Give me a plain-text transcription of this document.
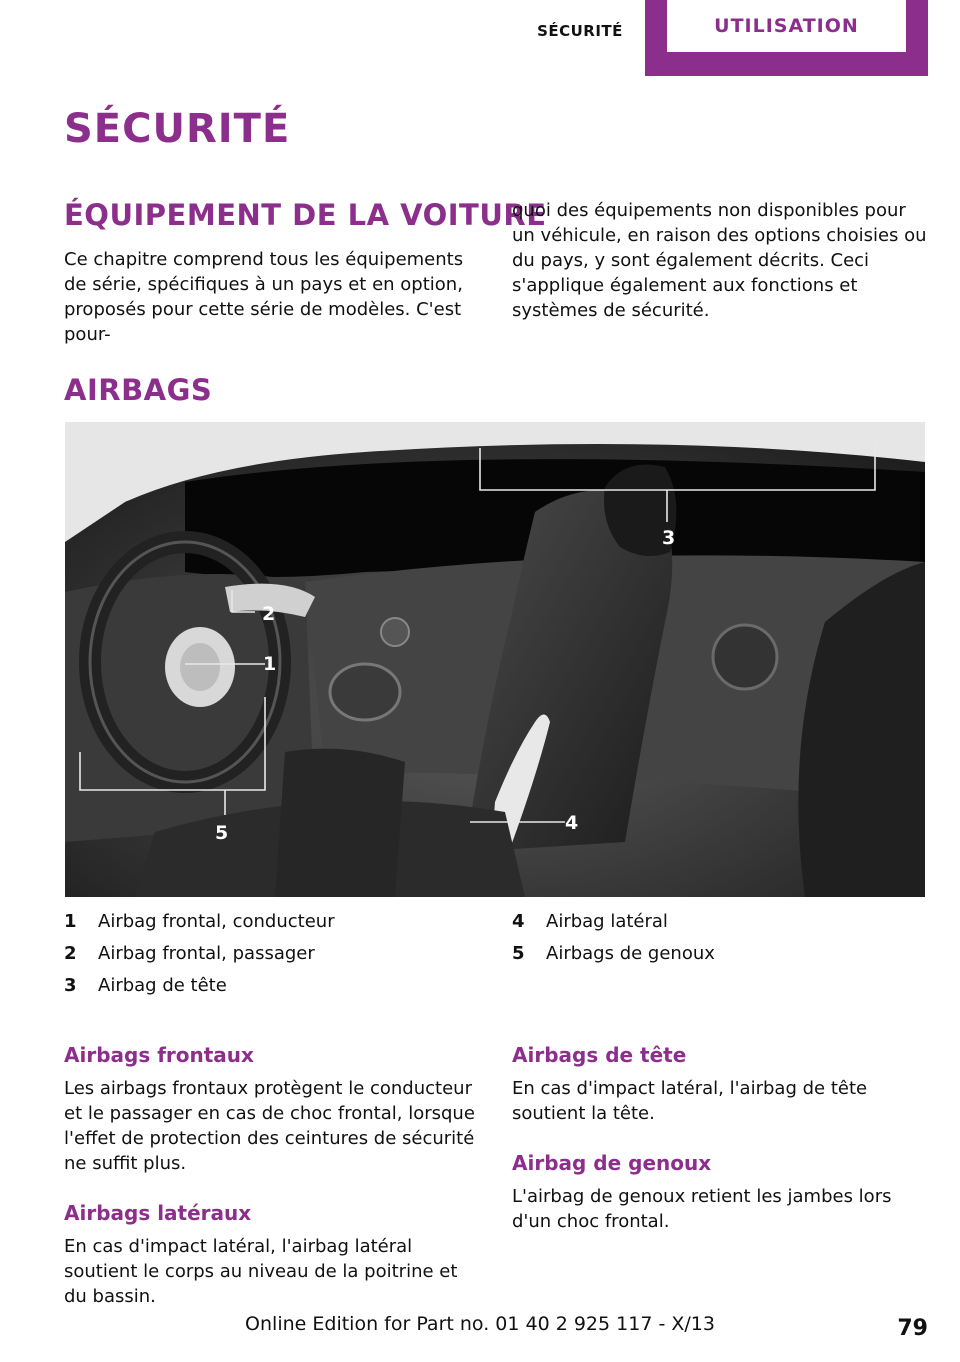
SÉCURITÉ	UTILISATION
SÉCURITÉ
ÉQUIPEMENT DE LA VOITURE

Ce chapitre comprend tous les équipements de série, spécifiques à un pays et en option, proposés pour cette série de modèles. C'est pour-

quoi des équipements non disponibles pour un véhicule, en raison des options choisies ou du pays, y sont également décrits. Ceci s'applique également aux fonctions et systèmes de sécurité.

AIRBAGS
3
2
1
5	4
1	Airbag frontal, conducteur
2	Airbag frontal, passager
3	Airbag de tête
4	Airbag latéral
5	Airbags de genoux
Airbags frontaux

Les airbags frontaux protègent le conducteur et le passager en cas de choc frontal, lorsque l'effet de protection des ceintures de sécurité ne suffit plus.

Airbags latéraux

En cas d'impact latéral, l'airbag latéral soutient le corps au niveau de la poitrine et du bassin.

Airbags de tête

En cas d'impact latéral, l'airbag de tête soutient la tête.

Airbag de genoux

L'airbag de genoux retient les jambes lors d'un choc frontal.

Online Edition for Part no. 01 40 2 925 117 - X/13	79
